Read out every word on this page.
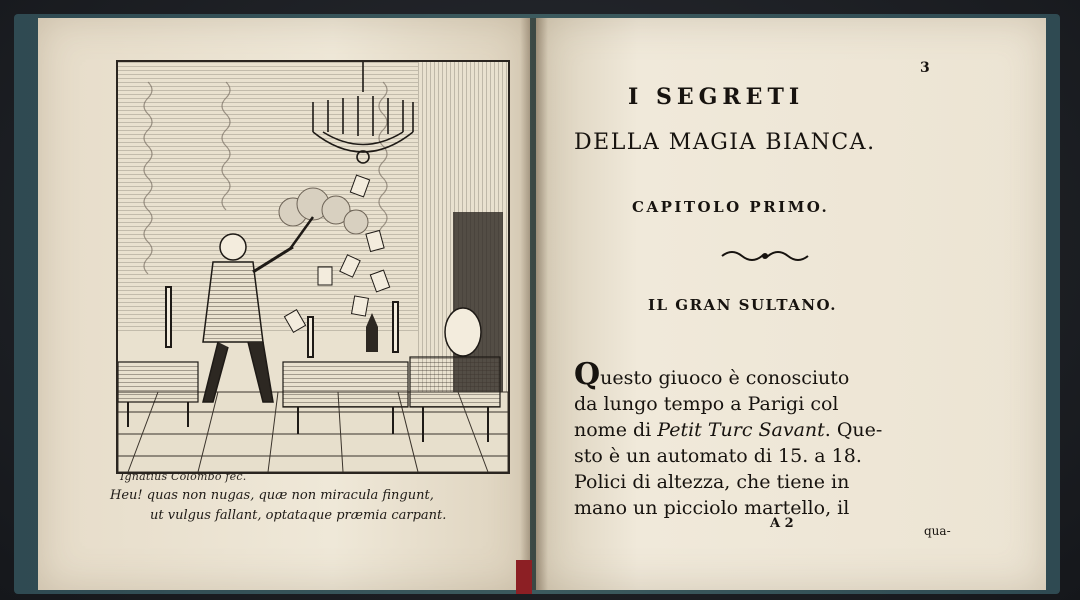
Ignatius Colombo fec.
Heu! quas non nugas, quæ non miracula fingunt,
ut vulgus fallant, optataque præmia carpant.
3
I SEGRETI
DELLA MAGIA BIANCA.
CAPITOLO PRIMO.
IL GRAN SULTANO.
Questo giuoco è conosciuto
da lungo tempo a Parigi col
nome di Petit Turc Savant. Que-
sto è un automato di 15. a 18.
Polici di altezza, che tiene in
mano un picciolo martello, il
A 2	qua-
